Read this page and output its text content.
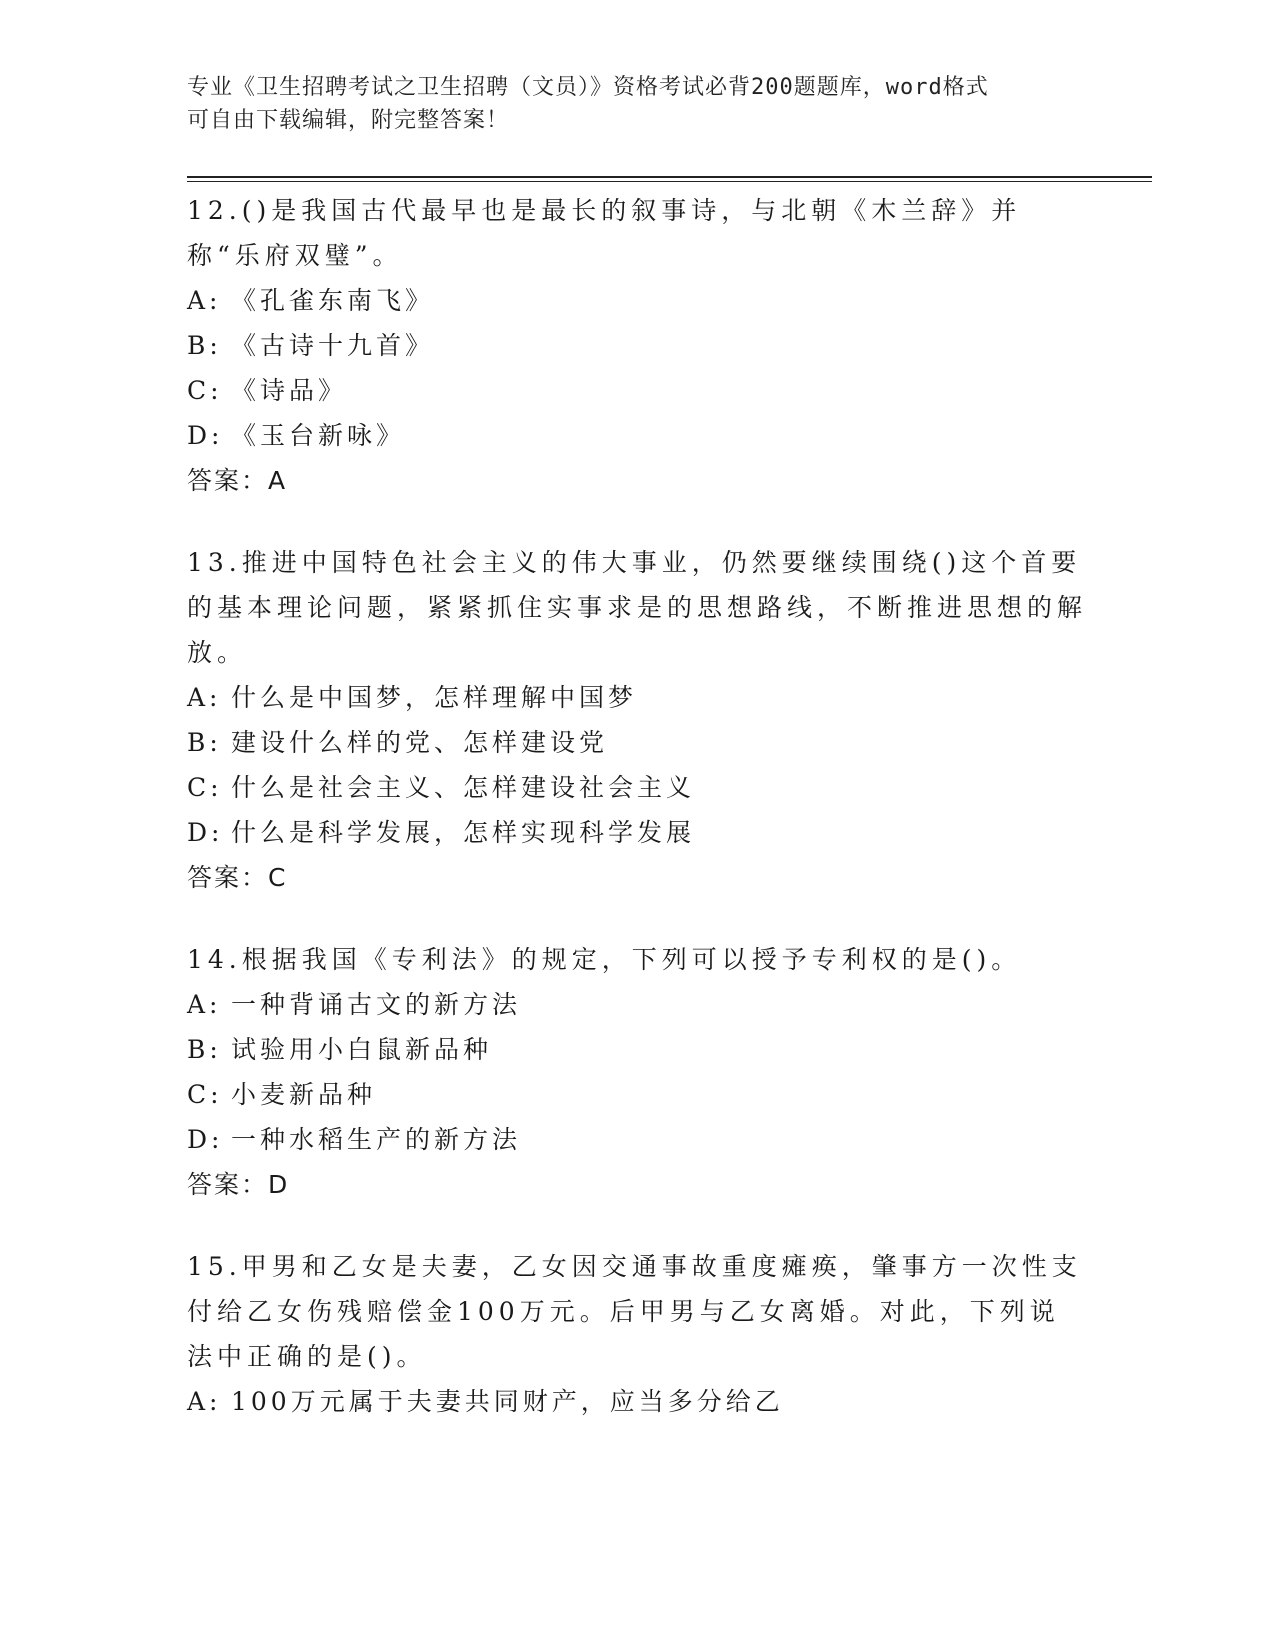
专业《卫生招聘考试之卫生招聘（文员）》资格考试必背200题题库，word格式
可自由下载编辑，附完整答案！

12.()是我国古代最早也是最长的叙事诗，与北朝《木兰辞》并称“乐府双璧”。

A: 《孔雀东南飞》
B: 《古诗十九首》
C: 《诗品》
D: 《玉台新咏》

答案：A

13.推进中国特色社会主义的伟大事业，仍然要继续围绕()这个首要的基本理论问题，紧紧抓住实事求是的思想路线，不断推进思想的解放。

A: 什么是中国梦，怎样理解中国梦
B: 建设什么样的党、怎样建设党
C: 什么是社会主义、怎样建设社会主义
D: 什么是科学发展，怎样实现科学发展

答案：C

14.根据我国《专利法》的规定，下列可以授予专利权的是()。

A: 一种背诵古文的新方法
B: 试验用小白鼠新品种
C: 小麦新品种
D: 一种水稻生产的新方法

答案：D

15.甲男和乙女是夫妻，乙女因交通事故重度瘫痪，肇事方一次性支付给乙女伤残赔偿金100万元。后甲男与乙女离婚。对此，下列说法中正确的是()。

A: 100万元属于夫妻共同财产，应当多分给乙
